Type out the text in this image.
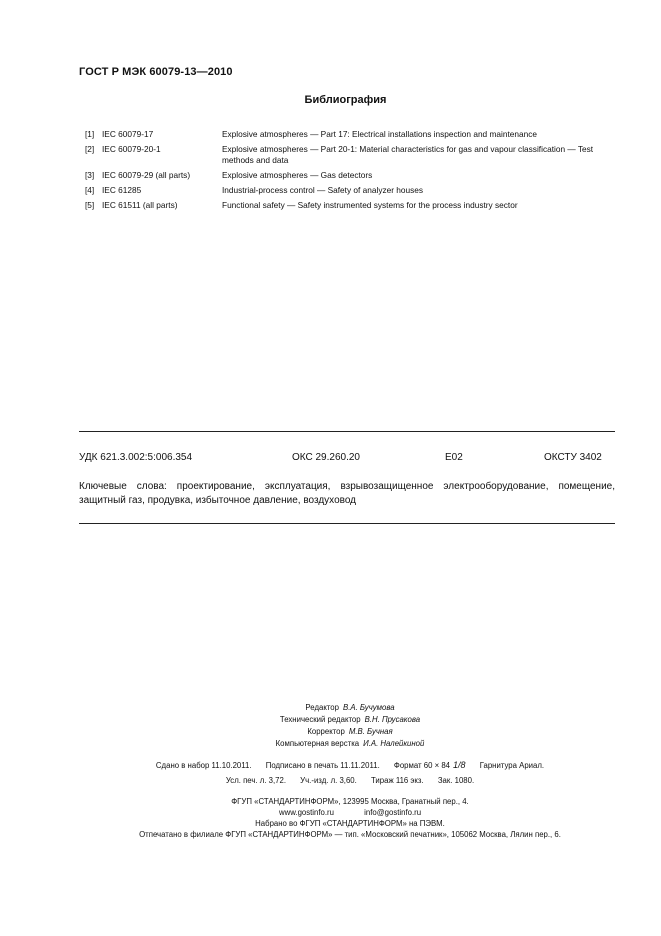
ГОСТ Р МЭК 60079-13—2010
Библиография
[1] IEC 60079-17	Explosive atmospheres — Part 17: Electrical installations inspection and maintenance
[2] IEC 60079-20-1	Explosive atmospheres — Part 20-1: Material characteristics for gas and vapour classification — Test methods and data
[3] IEC 60079-29 (all parts)	Explosive atmospheres — Gas detectors
[4] IEC 61285	Industrial-process control — Safety of analyzer houses
[5] IEC 61511 (all parts)	Functional safety — Safety instrumented systems for the process industry sector
УДК 621.3.002:5:006.354	ОКС 29.260.20	Е02	ОКСТУ 3402
Ключевые слова: проектирование, эксплуатация, взрывозащищенное электрооборудование, помещение, защитный газ, продувка, избыточное давление, воздуховод
Редактор В.А. Бучумова
Технический редактор В.Н. Прусакова
Корректор М.В. Бучная
Компьютерная верстка И.А. Налейкиной
Сдано в набор 11.10.2011. Подписано в печать 11.11.2011. Формат 60 × 84 1/8 Гарнитура Ариал.
Усл. печ. л. 3,72. Уч.-изд. л. 3,60. Тираж 116 экз. Зак. 1080.
ФГУП «СТАНДАРТИНФОРМ», 123995 Москва, Гранатный пер., 4.
www.gostinfo.ru	info@gostinfo.ru
Набрано во ФГУП «СТАНДАРТИНФОРМ» на ПЭВМ.
Отпечатано в филиале ФГУП «СТАНДАРТИНФОРМ» — тип. «Московский печатник», 105062 Москва, Лялин пер., 6.
